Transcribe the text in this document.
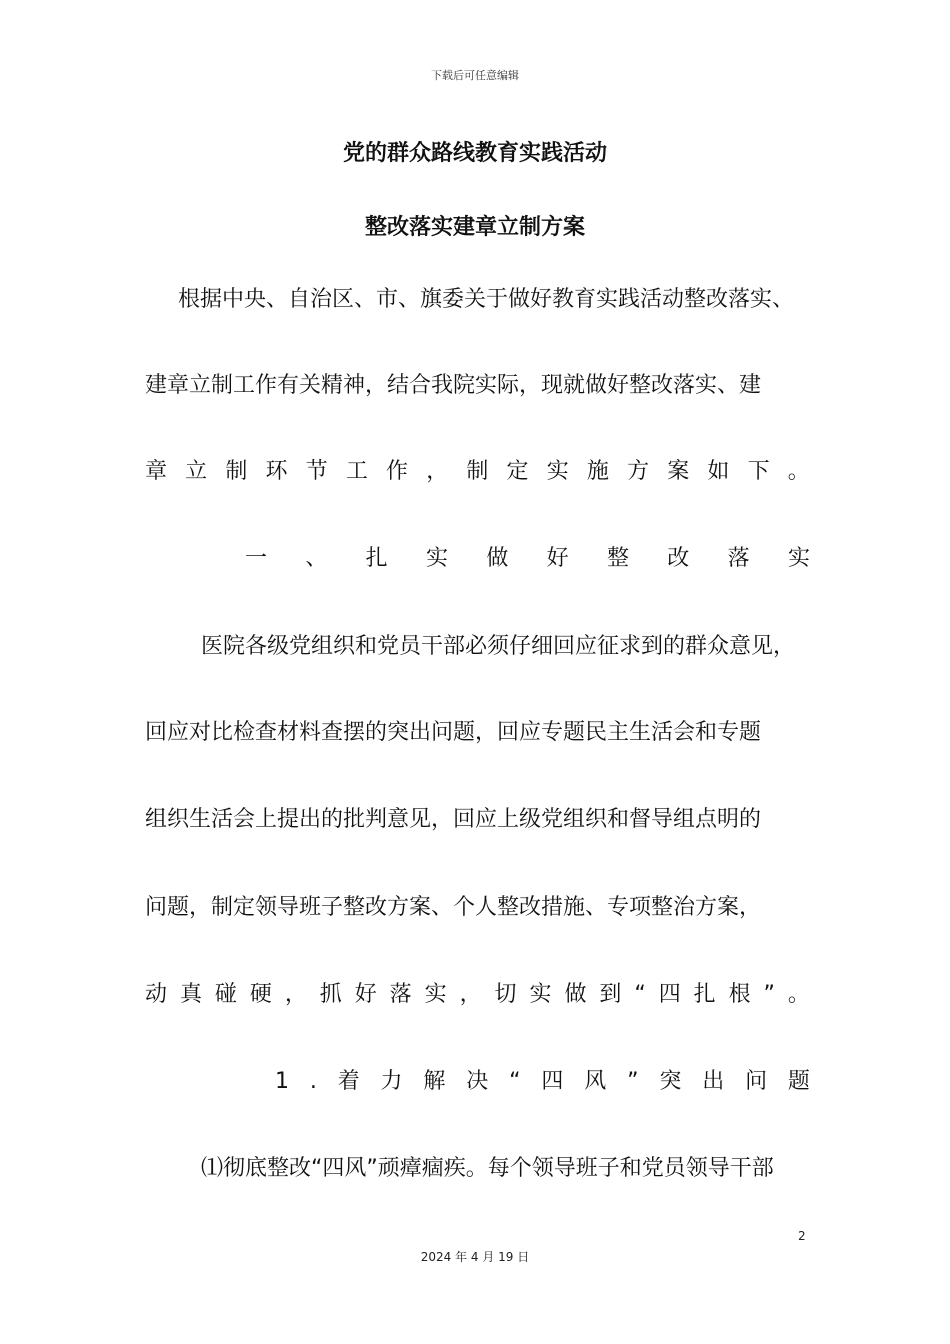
下载后可任意编辑
党的群众路线教育实践活动
整改落实建章立制方案
根据中央、自治区、市、旗委关于做好教育实践活动整改落实、
建章立制工作有关精神，结合我院实际，现就做好整改落实、建
章 立 制 环 节 工 作 ， 制 定 实 施 方 案 如 下 。
一 、 扎 实 做 好 整 改 落 实
医院各级党组织和党员干部必须仔细回应征求到的群众意见，
回应对比检查材料查摆的突出问题，回应专题民主生活会和专题
组织生活会上提出的批判意见，回应上级党组织和督导组点明的
问题，制定领导班子整改方案、个人整改措施、专项整治方案，
动 真 碰 硬 ， 抓 好 落 实 ， 切 实 做 到 “ 四 扎 根 ” 。
1 . 着 力 解 决 “ 四 风 ” 突 出 问 题
⑴彻底整改“四风”顽瘴痼疾。每个领导班子和党员领导干部
2
2024 年 4 月 19 日
